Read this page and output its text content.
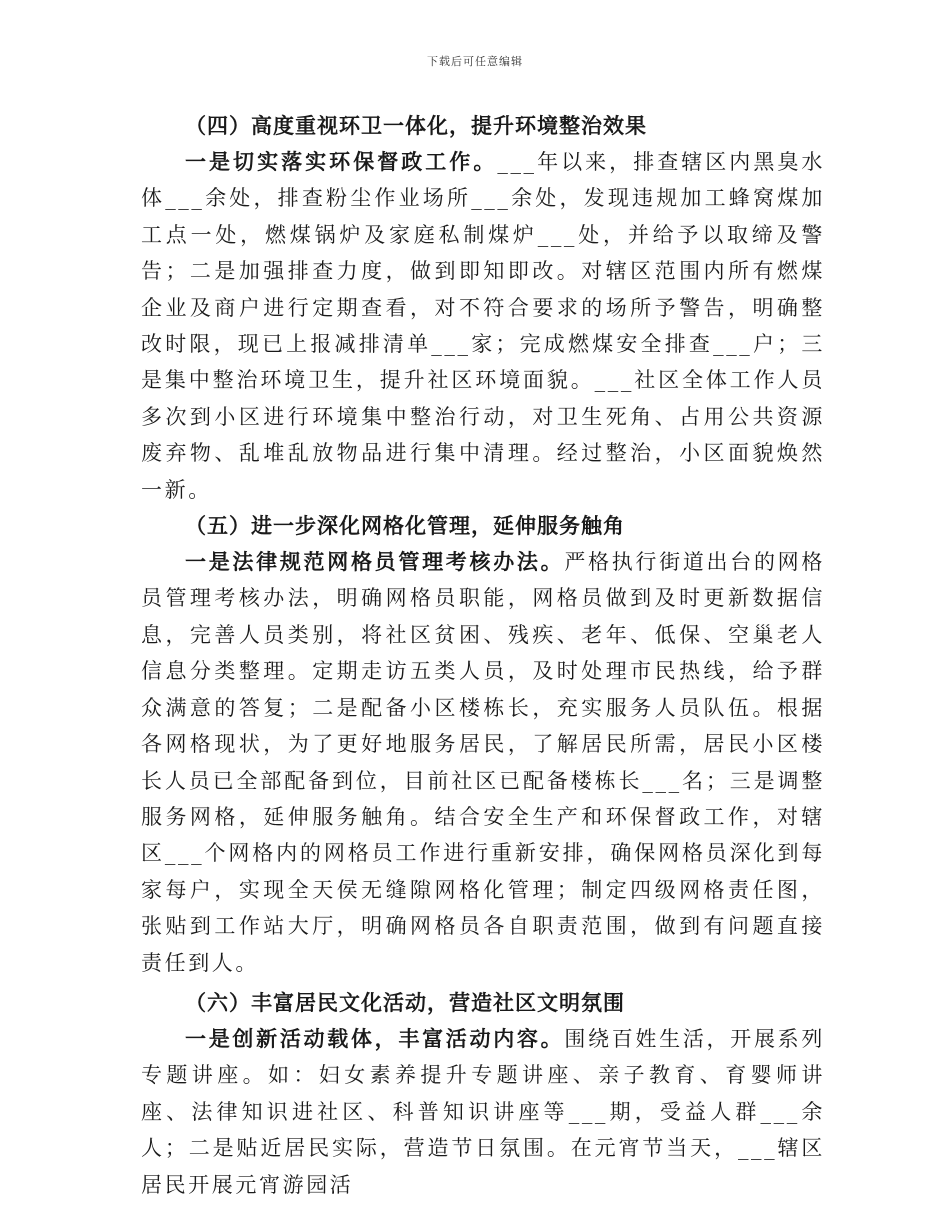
下载后可任意编辑

（四）高度重视环卫一体化，提升环境整治效果

一是切实落实环保督政工作。___年以来，排查辖区内黑臭水体___余处，排查粉尘作业场所___余处，发现违规加工蜂窝煤加工点一处，燃煤锅炉及家庭私制煤炉___处，并给予以取缔及警告；二是加强排查力度，做到即知即改。对辖区范围内所有燃煤企业及商户进行定期查看，对不符合要求的场所予警告，明确整改时限，现已上报减排清单___家；完成燃煤安全排查___户；三是集中整治环境卫生，提升社区环境面貌。___社区全体工作人员多次到小区进行环境集中整治行动，对卫生死角、占用公共资源废弃物、乱堆乱放物品进行集中清理。经过整治，小区面貌焕然一新。

（五）进一步深化网格化管理，延伸服务触角

一是法律规范网格员管理考核办法。严格执行街道出台的网格员管理考核办法，明确网格员职能，网格员做到及时更新数据信息，完善人员类别，将社区贫困、残疾、老年、低保、空巢老人信息分类整理。定期走访五类人员，及时处理市民热线，给予群众满意的答复；二是配备小区楼栋长，充实服务人员队伍。根据各网格现状，为了更好地服务居民，了解居民所需，居民小区楼长人员已全部配备到位，目前社区已配备楼栋长___名；三是调整服务网格，延伸服务触角。结合安全生产和环保督政工作，对辖区___个网格内的网格员工作进行重新安排，确保网格员深化到每家每户，实现全天侯无缝隙网格化管理；制定四级网格责任图，张贴到工作站大厅，明确网格员各自职责范围，做到有问题直接责任到人。

（六）丰富居民文化活动，营造社区文明氛围

一是创新活动载体，丰富活动内容。围绕百姓生活，开展系列专题讲座。如：妇女素养提升专题讲座、亲子教育、育婴师讲座、法律知识进社区、科普知识讲座等___期，受益人群___余人；二是贴近居民实际，营造节日氛围。在元宵节当天，___辖区居民开展元宵游园活
